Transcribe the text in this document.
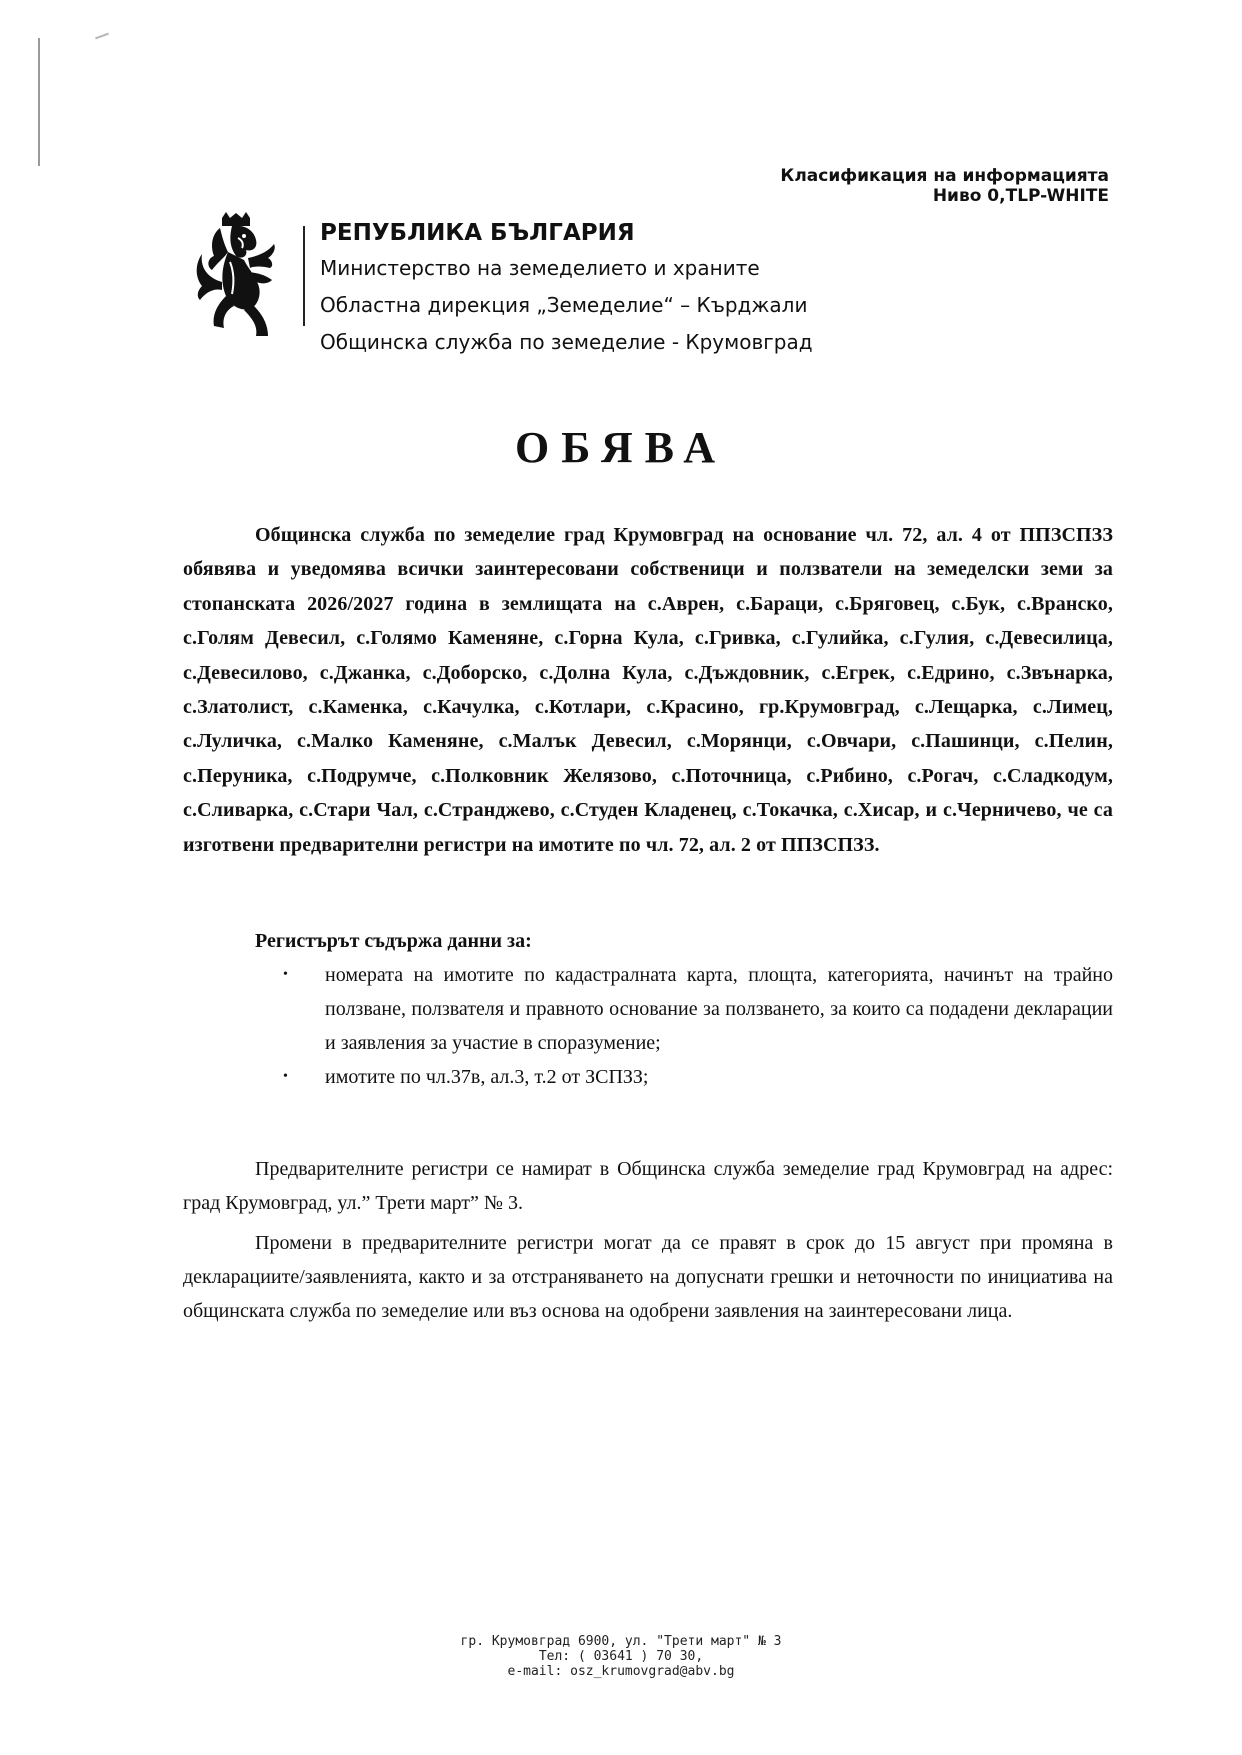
Класификация на информацията
Ниво 0,TLP-WHITE
РЕПУБЛИКА БЪЛГАРИЯ
Министерство на земеделието и храните
Областна дирекция „Земеделие“ – Кърджали
Общинска служба по земеделие - Крумовград
ОБЯВА

Общинска служба по земеделие град Крумовград на основание чл. 72, ал. 4 от ППЗСПЗЗ обявява и уведомява всички заинтересовани собственици и ползватели на земеделски земи за стопанската 2026/2027 година в землищата на с.Аврен, с.Бараци, с.Бряговец, с.Бук, с.Вранско, с.Голям Девесил, с.Голямо Каменяне, с.Горна Кула, с.Гривка, с.Гулийка, с.Гулия, с.Девесилица, с.Девесилово, с.Джанка, с.Доборско, с.Долна Кула, с.Дъждовник, с.Егрек, с.Едрино, с.Звънарка, с.Златолист, с.Каменка, с.Качулка, с.Котлари, с.Красино, гр.Крумовград, с.Лещарка, с.Лимец, с.Луличка, с.Малко Каменяне, с.Малък Девесил, с.Морянци, с.Овчари, с.Пашинци, с.Пелин, с.Перуника, с.Подрумче, с.Полковник Желязово, с.Поточница, с.Рибино, с.Рогач, с.Сладкодум, с.Сливарка, с.Стари Чал, с.Странджево, с.Студен Кладенец, с.Токачка, с.Хисар, и с.Черничево, че са изготвени предварителни регистри на имотите по чл. 72, ал. 2 от ППЗСПЗЗ.

Регистърът съдържа данни за:
• номерата на имотите по кадастралната карта, площта, категорията, начинът на трайно ползване, ползвателя и правното основание за ползването, за които са подадени декларации и заявления за участие в споразумение;
• имотите по чл.37в, ал.3, т.2 от ЗСПЗЗ;

Предварителните регистри се намират в Общинска служба земеделие град Крумовград на адрес: град Крумовград, ул.” Трети март” № 3.

Промени в предварителните регистри могат да се правят в срок до 15 август при промяна в декларациите/заявленията, както и за отстраняването на допуснати грешки и неточности по инициатива на общинската служба по земеделие или въз основа на одобрени заявления на заинтересовани лица.

гр. Крумовград 6900, ул. "Трети март" № 3
Тел: ( 03641 ) 70 30,
e-mail: osz_krumovgrad@abv.bg
